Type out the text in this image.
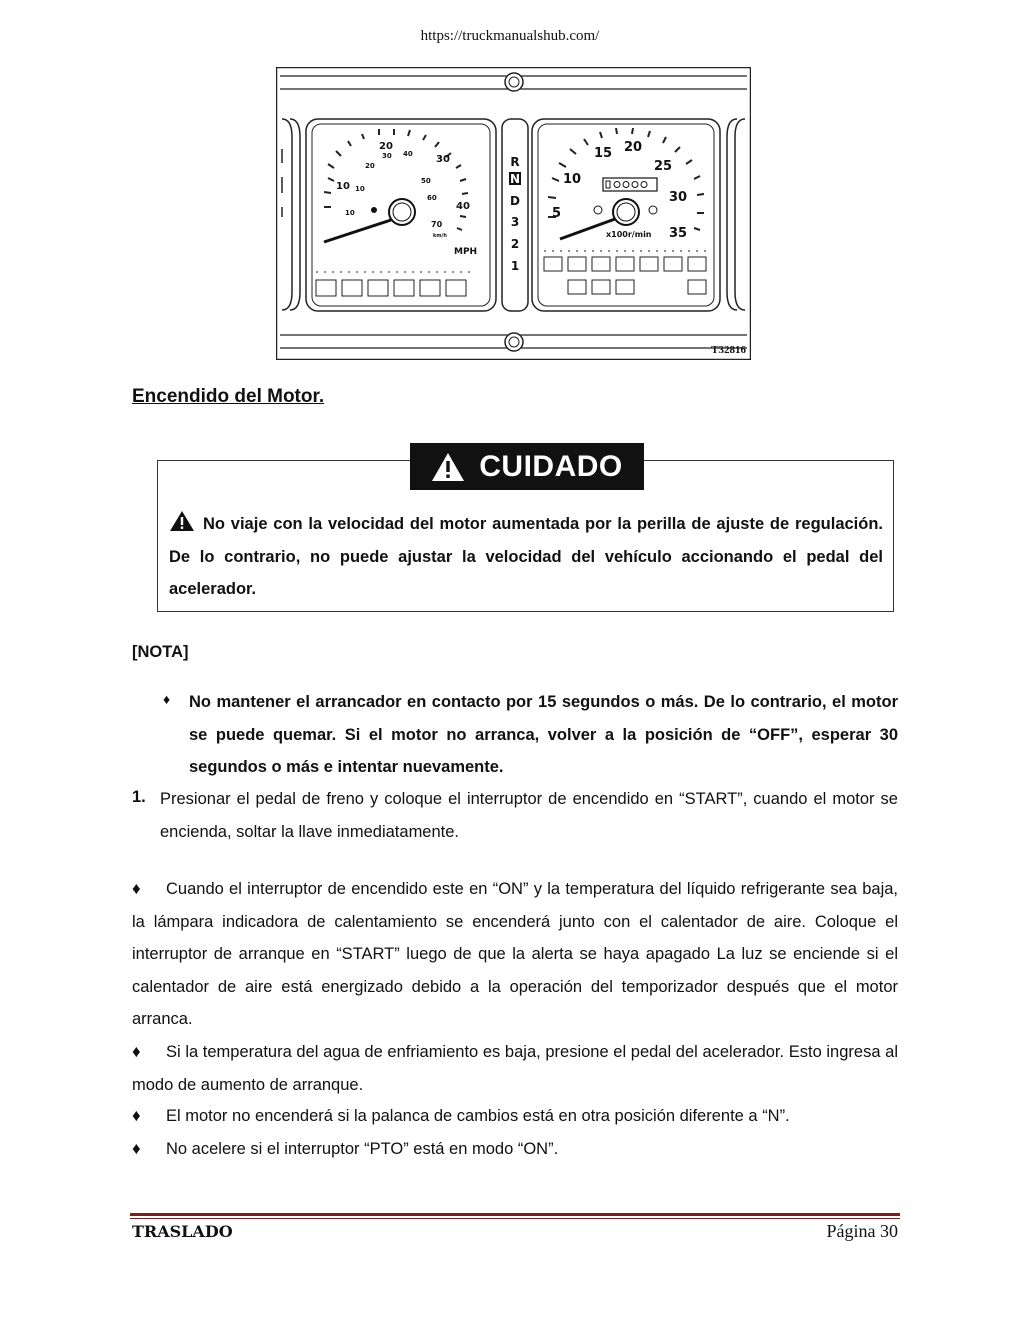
https://truckmanualshub.com/
20
30
10
40
30 40
20
50
10
60
10
70
km/h
MPH
R
N
D
3
2
1
10
15 20
25
30
35
5
x100r/min
T32816
Encendido del Motor.
CUIDADO
No viaje con la velocidad del motor aumentada por la perilla de ajuste de regulación. De lo contrario, no puede ajustar la velocidad del vehículo accionando el pedal del acelerador.
[NOTA]
♦ No mantener el arrancador en contacto por 15 segundos o más. De lo contrario, el motor se puede quemar. Si el motor no arranca, volver a la posición de “OFF”, esperar 30 segundos o más e intentar nuevamente.
1. Presionar el pedal de freno y coloque el interruptor de encendido en “START”, cuando el motor se encienda, soltar la llave inmediatamente.
♦ Cuando el interruptor de encendido este en “ON” y la temperatura del líquido refrigerante sea baja, la lámpara indicadora de calentamiento se encenderá junto con el calentador de aire. Coloque el interruptor de arranque en “START” luego de que la alerta se haya apagado La luz se enciende si el calentador de aire está energizado debido a la operación del temporizador después que el motor arranca.
♦ Si la temperatura del agua de enfriamiento es baja, presione el pedal del acelerador. Esto ingresa al modo de aumento de arranque.
♦ El motor no encenderá si la palanca de cambios está en otra posición diferente a “N”.
♦ No acelere si el interruptor “PTO” está en modo “ON”.
TRASLADO	Página 30
